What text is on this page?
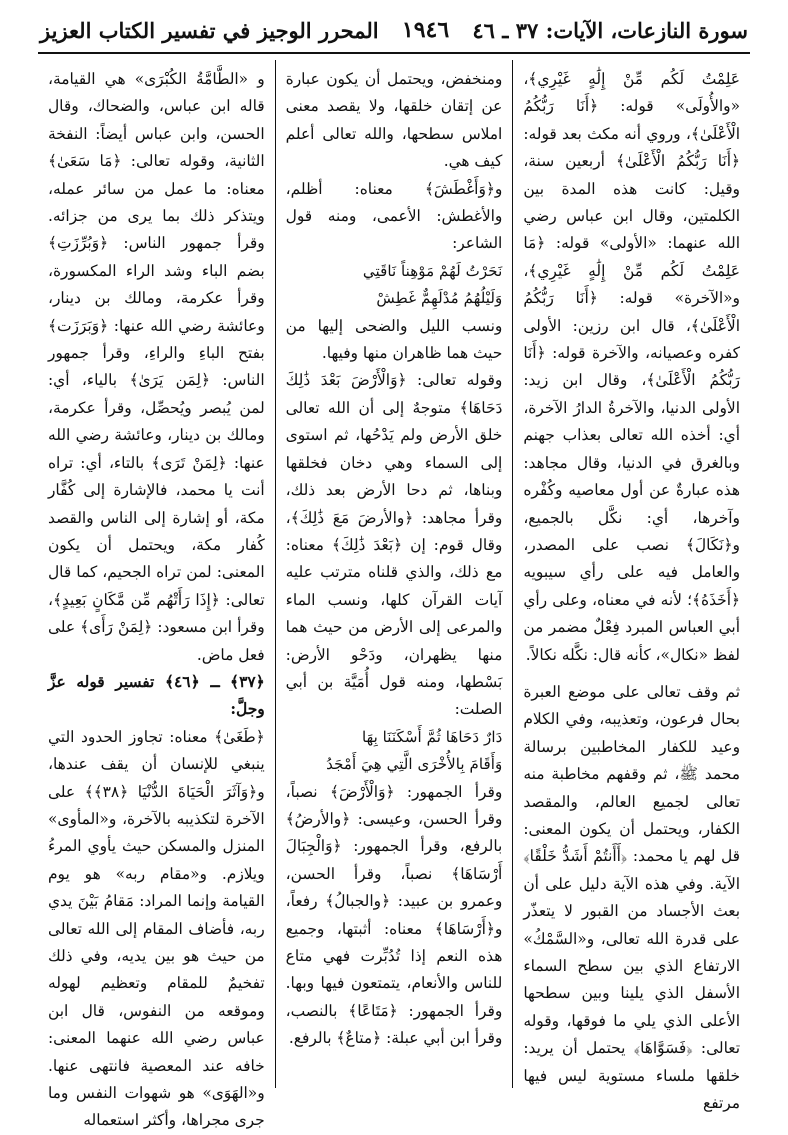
سورة النازعات، الآيات: ٣٧ ـ ٤٦
١٩٤٦
المحرر الوجيز في تفسير الكتاب العزيز

عَلِمْتُ لَكُم مِّنْ إِلَٰهٍ غَيْرِي﴾، «والأُولَى» قوله: ﴿أَنَا رَبُّكُمُ الْأَعْلَىٰ﴾، وروي أنه مكث بعد قوله: ﴿أَنَا رَبُّكُمُ الْأَعْلَىٰ﴾ أربعين سنة، وقيل: كانت هذه المدة بين الكلمتين، وقال ابن عباس رضي الله عنهما: «الأولى» قوله: ﴿مَا عَلِمْتُ لَكُم مِّنْ إِلَٰهٍ غَيْرِي﴾، و«الآخرة» قوله: ﴿أَنَا رَبُّكُمُ الْأَعْلَىٰ﴾، قال ابن رزين: الأولى كفره وعصيانه، والآخرة قوله: ﴿أَنَا رَبُّكُمُ الْأَعْلَىٰ﴾، وقال ابن زيد: الأولى الدنيا، والآخرةُ الدارُ الآخرة، أي: أخذه الله تعالى بعذاب جهنم وبالغرق في الدنيا، وقال مجاهد: هذه عبارةٌ عن أول معاصيه وكُفْره وآخرها، أي: نكَّل بالجميع، و﴿نَكَالَ﴾ نصب على المصدر، والعامل فيه على رأي سيبويه ﴿أَخَذَهُ﴾؛ لأنه في معناه، وعلى رأي أبي العباس المبرد فِعْلٌ مضمر من لفظ «نكال»، كأنه قال: نكَّله نكالاً.

ثم وقف تعالى على موضع العبرة بحال فرعون، وتعذيبه، وفي الكلام وعيد للكفار المخاطبين برسالة محمد ﷺ، ثم وقفهم مخاطبة منه تعالى لجميع العالم، والمقصد الكفار، ويحتمل أن يكون المعنى: قل لهم يا محمد: ﴿أَأَنتُمْ أَشَدُّ خَلْقًا﴾ الآية. وفي هذه الآية دليل على أن بعث الأجساد من القبور لا يتعذّر على قدرة الله تعالى، و«السَّمْكُ» الارتفاع الذي بين سطح السماء الأسفل الذي يلينا وبين سطحها الأعلى الذي يلي ما فوقها، وقوله تعالى: ﴿فَسَوَّاهَا﴾ يحتمل أن يريد: خلقها ملساء مستوية ليس فيها مرتفع

ومنخفض، ويحتمل أن يكون عبارة عن إتقان خلقها، ولا يقصد معنى املاس سطحها، والله تعالى أعلم كيف هي.

و﴿وَأَغْطَشَ﴾ معناه: أظلم، والأغطش: الأعمى، ومنه قول الشاعر:

نَحَرْتُ لَهُمْ مَوْهِناً نَاقَتِي
وَلَيْلُهُمُ مُدْلَهِمٌّ غَطِشْ

ونسب الليل والضحى إليها من حيث هما ظاهران منها وفيها.

وقوله تعالى: ﴿وَالْأَرْضَ بَعْدَ ذَٰلِكَ دَحَاهَا﴾ متوجهٌ إلى أن الله تعالى خلق الأرض ولم يَدْحُها، ثم استوى إلى السماء وهي دخان فخلقها وبناها، ثم دحا الأرض بعد ذلك، وقرأ مجاهد: ﴿والأرضَ مَعَ ذَٰلِكَ﴾، وقال قوم: إن ﴿بَعْدَ ذَٰلِكَ﴾ معناه: مع ذلك، والذي قلناه مترتب عليه آيات القرآن كلها، ونسب الماء والمرعى إلى الأرض من حيث هما منها يظهران، ودَحْو الأرض: بَسْطها، ومنه قول أُمَيَّة بن أبي الصلت:

دَارٌ دَحَاهَا ثُمَّ أَسْكَنَنَا بِهَا
وَأَقَامَ بِالأُخْرَى الَّتِي هِيَ أَمْجَدُ

وقرأ الجمهور: ﴿وَالْأَرْضَ﴾ نصباً، وقرأ الحسن، وعيسى: ﴿والأرضُ﴾ بالرفع، وقرأ الجمهور: ﴿وَالْجِبَالَ أَرْسَاهَا﴾ نصباً، وقرأ الحسن، وعمرو بن عبيد: ﴿والجبالُ﴾ رفعاً، و﴿أَرْسَاهَا﴾ معناه: أثبتها، وجميع هذه النعم إذا تُدُبِّرت فهي متاع للناس والأنعام، يتمتعون فيها وبها. وقرأ الجمهور: ﴿مَتَاعًا﴾ بالنصب، وقرأ ابن أبي عبلة: ﴿متاعٌ﴾ بالرفع.

و «الطَّامَّةُ الكُبْرَى» هي القيامة، قاله ابن عباس، والضحاك، وقال الحسن، وابن عباس أيضاً: النفخة الثانية، وقوله تعالى: ﴿مَا سَعَىٰ﴾ معناه: ما عمل من سائر عمله، ويتذكر ذلك بما يرى من جزائه. وقرأ جمهور الناس: ﴿وَبُرِّزَتِ﴾ بضم الباء وشد الراء المكسورة، وقرأ عكرمة، ومالك بن دينار، وعائشة رضي الله عنها: ﴿وَبَرَزَت﴾ بفتح الباءِ والراءِ، وقرأ جمهور الناس: ﴿لِمَن يَرَىٰ﴾ بالياء، أي: لمن يُبصر ويُحصِّل، وقرأ عكرمة، ومالك بن دينار، وعائشة رضي الله عنها: ﴿لِمَنْ تَرَى﴾ بالتاء، أي: تراه أنت يا محمد، فالإشارة إلى كُفَّار مكة، أو إشارة إلى الناس والقصد كُفار مكة، ويحتمل أن يكون المعنى: لمن تراه الجحيم، كما قال تعالى: ﴿إِذَا رَأَتْهُم مِّن مَّكَانٍ بَعِيدٍ﴾، وقرأ ابن مسعود: ﴿لِمَنْ رَأَى﴾ على فعل ماض.

﴿٣٧﴾ ـ ﴿٤٦﴾ تفسير قوله عزَّ وجلَّ:

﴿طَغَىٰ﴾ معناه: تجاوز الحدود التي ينبغي للإنسان أن يقف عندها، و﴿وَآثَرَ الْحَيَاةَ الدُّنْيَا ﴿٣٨﴾﴾ على الآخرة لتكذيبه بالآخرة، و«المأوى» المنزل والمسكن حيث يأوي المرءُ ويلازم. و«مقام ربه» هو يوم القيامة وإنما المراد: مَقامُ بَيْنَ يدي ربه، فأضاف المقام إلى الله تعالى من حيث هو بين يديه، وفي ذلك تفخيمٌ للمقام وتعظيم لهوله وموقعه من النفوس، قال ابن عباس رضي الله عنهما المعنى: خافه عند المعصية فانتهى عنها. و«الهَوَى» هو شهوات النفس وما جرى مجراها، وأكثر استعماله
